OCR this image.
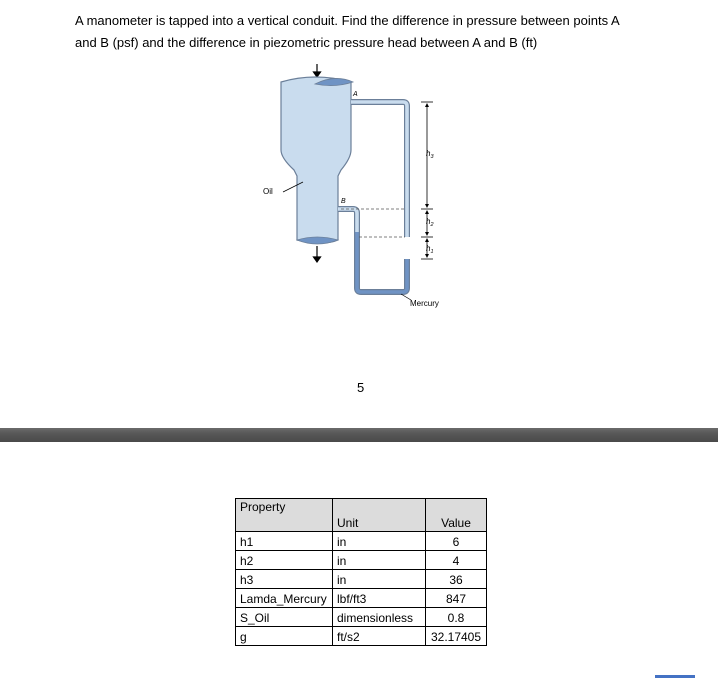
A manometer is tapped into a vertical conduit. Find the difference in pressure between points A
and B (psf) and the difference in piezometric pressure head between A and B (ft)
A
B
Oil
$h_3$
$h_2$
$h_1$
Mercury
5
Property	Unit	Value
h1	in	6
h2	in	4
h3	in	36
Lamda_Mercury	lbf/ft3	847
S_Oil	dimensionless	0.8
g	ft/s2	32.17405
